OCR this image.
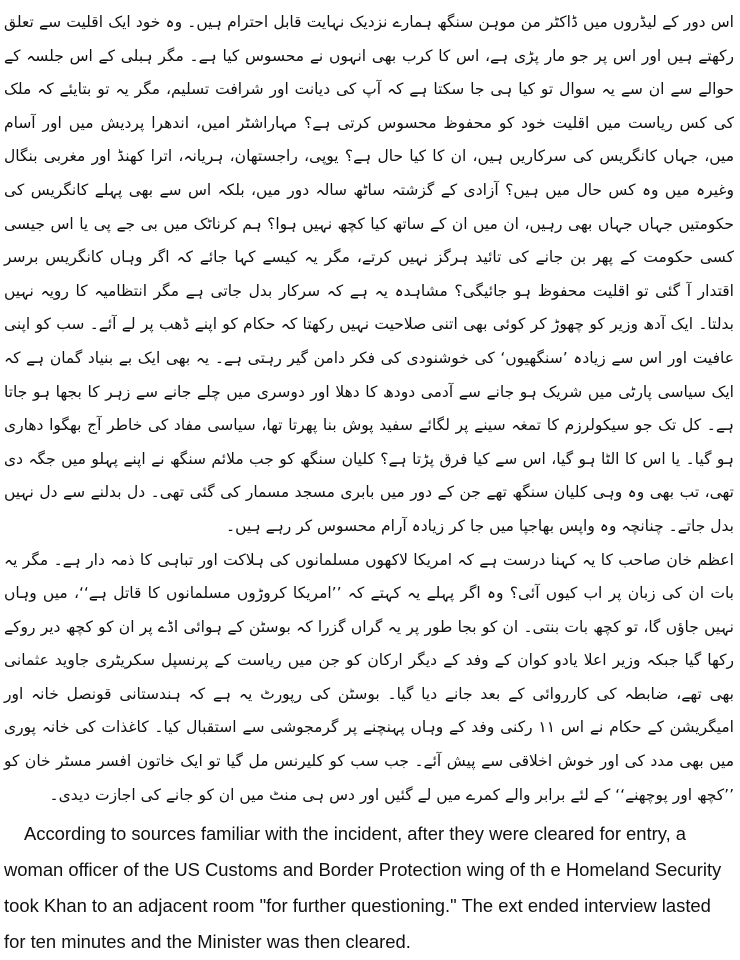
اس دور کے لیڈروں میں ڈاکٹر من موہن سنگھ ہمارے نزدیک نہایت قابل احترام ہیں۔ وہ خود ایک اقلیت سے تعلق رکھتے ہیں اور اس پر جو مار پڑی ہے، اس کا کرب بھی انہوں نے محسوس کیا ہے۔ مگر ہبلی کے اس جلسہ کے حوالے سے ان سے یہ سوال تو کیا ہی جا سکتا ہے کہ آپ کی دیانت اور شرافت تسلیم، مگر یہ تو بتایئے کہ ملک کی کس ریاست میں اقلیت خود کو محفوظ محسوس کرتی ہے؟ مہاراشٹر امیں، اندھرا پردیش میں اور آسام میں، جہاں کانگریس کی سرکاریں ہیں، ان کا کیا حال ہے؟ یوپی، راجستھان، ہریانہ، اترا کھنڈ اور مغربی بنگال وغیرہ میں وہ کس حال میں ہیں؟ آزادی کے گزشتہ ساٹھ سالہ دور میں، بلکہ اس سے بھی پہلے کانگریس کی حکومتیں جہاں جہاں بھی رہیں، ان میں ان کے ساتھ کیا کچھ نہیں ہوا؟ ہم کرناٹک میں بی جے پی یا اس جیسی کسی حکومت کے پھر بن جانے کی تائید ہرگز نہیں کرتے، مگر یہ کیسے کہا جائے کہ اگر وہاں کانگریس برسر اقتدار آ گئی تو اقلیت محفوظ ہو جائیگی؟ مشاہدہ یہ ہے کہ سرکار بدل جاتی ہے مگر انتظامیہ کا رویہ نہیں بدلتا۔ ایک آدھ وزیر کو چھوڑ کر کوئی بھی اتنی صلاحیت نہیں رکھتا کہ حکام کو اپنے ڈھب پر لے آئے۔ سب کو اپنی عافیت اور اس سے زیادہ ’سنگھیوں‘ کی خوشنودی کی فکر دامن گیر رہتی ہے۔ یہ بھی ایک بے بنیاد گمان ہے کہ ایک سیاسی پارٹی میں شریک ہو جانے سے آدمی دودھ کا دھلا اور دوسری میں چلے جانے سے زہر کا بجھا ہو جاتا ہے۔ کل تک جو سیکولرزم کا تمغہ سینے پر لگائے سفید پوش بنا پھرتا تھا، سیاسی مفاد کی خاطر آج بھگوا دھاری ہو گیا۔ یا اس کا الٹا ہو گیا، اس سے کیا فرق پڑتا ہے؟ کلیان سنگھ کو جب ملائم سنگھ نے اپنے پہلو میں جگہ دی تھی، تب بھی وہ وہی کلیان سنگھ تھے جن کے دور میں بابری مسجد مسمار کی گئی تھی۔ دل بدلنے سے دل نہیں بدل جاتے۔ چنانچہ وہ واپس بھاجپا میں جا کر زیادہ آرام محسوس کر رہے ہیں۔

اعظم خان صاحب کا یہ کہنا درست ہے کہ امریکا لاکھوں مسلمانوں کی ہلاکت اور تباہی کا ذمہ دار ہے۔ مگر یہ بات ان کی زبان پر اب کیوں آئی؟ وہ اگر پہلے یہ کہتے کہ ’’امریکا کروڑوں مسلمانوں کا قاتل ہے‘‘، میں وہاں نہیں جاؤں گا، تو کچھ بات بنتی۔ ان کو بجا طور پر یہ گراں گزرا کہ بوسٹن کے ہوائی اڈے پر ان کو کچھ دیر روکے رکھا گیا جبکہ وزیر اعلا یادو کوان کے وفد کے دیگر ارکان کو جن میں ریاست کے پرنسپل سکریٹری جاوید عثمانی بھی تھے، ضابطہ کی کارروائی کے بعد جانے دیا گیا۔ بوسٹن کی رپورٹ یہ ہے کہ ہندستانی قونصل خانہ اور امیگریشن کے حکام نے اس ۱۱ رکنی وفد کے وہاں پہنچنے پر گرمجوشی سے استقبال کیا۔ کاغذات کی خانہ پوری میں بھی مدد کی اور خوش اخلاقی سے پیش آئے۔ جب سب کو کلیرنس مل گیا تو ایک خاتون افسر مسٹر خان کو ’’کچھ اور پوچھنے‘‘ کے لئے برابر والے کمرے میں لے گئیں اور دس ہی منٹ میں ان کو جانے کی اجازت دیدی۔

According to sources familiar with the incident, after they were cleared for entry, a woman officer of the US Customs and Border Protection wing of th e Homeland Security took Khan to an adjacent room "for further questioning." The ext ended interview lasted for ten minutes and the Minister was then cleared.
